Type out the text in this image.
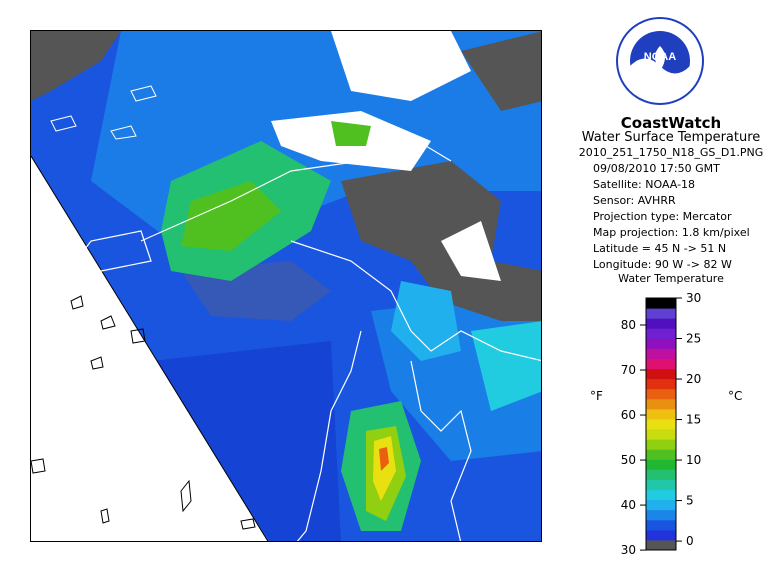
NOAA
CoastWatch
Water Surface Temperature
2010_251_1750_N18_GS_D1.PNG
09/08/2010 17:50 GMT
Satellite: NOAA-18
Sensor: AVHRR
Projection type: Mercator
Map projection: 1.8 km/pixel
Latitude = 45 N -> 51 N
Longitude: 90 W -> 82 W
Water Temperature
30
40
50
60
70
80
0
5
10
15
20
25
30
°F	°C
